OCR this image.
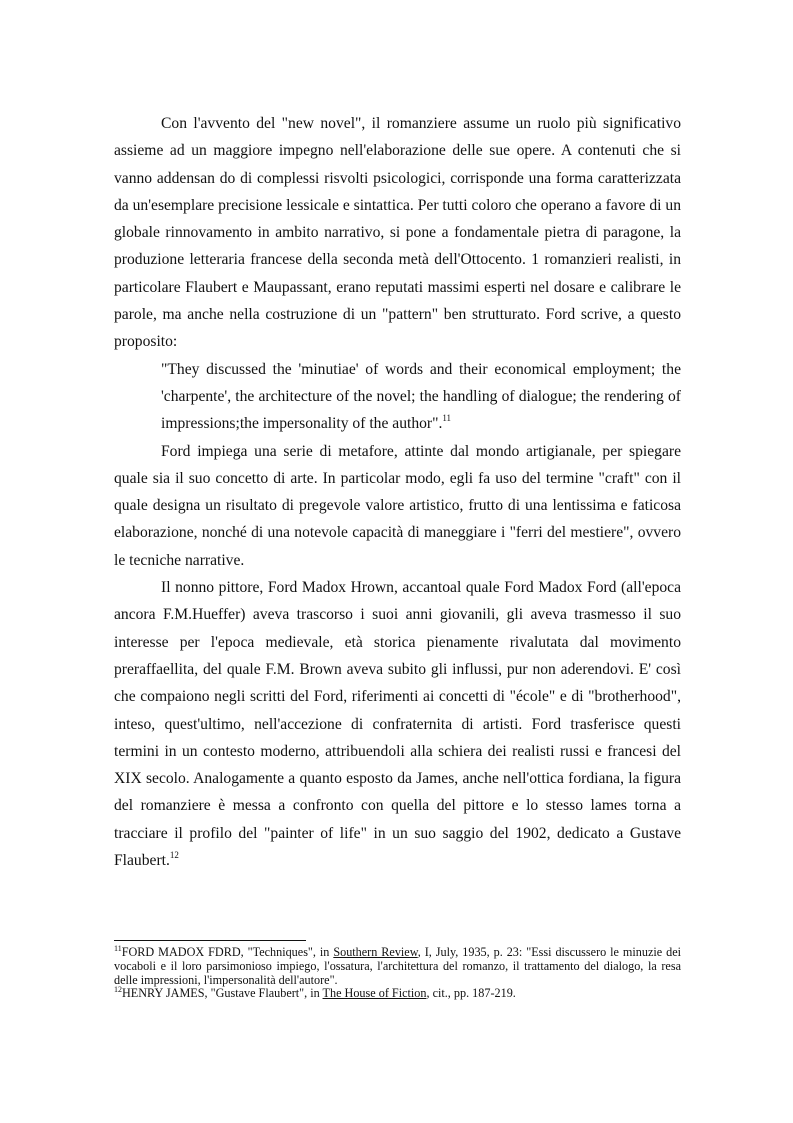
Con l'avvento del "new novel", il romanziere assume un ruolo più significativo assieme ad un maggiore impegno nell'elaborazione delle sue opere. A contenuti che si vanno addensan do di complessi risvolti psicologici, corrisponde una forma caratterizzata da un'esemplare precisione lessicale e sintattica. Per tutti coloro che operano a favore di un globale rinnovamento in ambito narrativo, si pone a fondamentale pietra di paragone, la produzione letteraria francese della seconda metà dell'Ottocento. 1 romanzieri realisti, in particolare Flaubert e Maupassant, erano reputati massimi esperti nel dosare e calibrare le parole, ma anche nella costruzione di un "pattern" ben strutturato. Ford scrive, a questo proposito:

"They discussed the 'minutiae' of words and their economical employment; the 'charpente', the architecture of the novel; the handling of dialogue; the rendering of impressions;the impersonality of the author".$^{11}$

Ford impiega una serie di metafore, attinte dal mondo artigianale, per spiegare quale sia il suo concetto di arte. In particolar modo, egli fa uso del termine "craft" con il quale designa un risultato di pregevole valore artistico, frutto di una lentissima e faticosa elaborazione, nonché di una notevole capacità di maneggiare i "ferri del mestiere", ovvero le tecniche narrative.

Il nonno pittore, Ford Madox Hrown, accantoal quale Ford Madox Ford (all'epoca ancora F.M.Hueffer) aveva trascorso i suoi anni giovanili, gli aveva trasmesso il suo interesse per l'epoca medievale, età storica pienamente rivalutata dal movimento preraffaellita, del quale F.M. Brown aveva subito gli influssi, pur non aderendovi. E' così che compaiono negli scritti del Ford, riferimenti ai concetti di "école" e di "brotherhood", inteso, quest'ultimo, nell'accezione di confraternita di artisti. Ford trasferisce questi termini in un contesto moderno, attribuendoli alla schiera dei realisti russi e francesi del XIX secolo. Analogamente a quanto esposto da James, anche nell'ottica fordiana, la figura del romanziere è messa a confronto con quella del pittore e lo stesso lames torna a tracciare il profilo del "painter of life" in un suo saggio del 1902, dedicato a Gustave Flaubert.$^{12}$

$^{11}$FORD MADOX FDRD, "Techniques", in Southern Review, I, July, 1935, p. 23: "Essi discussero le minuzie dei vocaboli e il loro parsimonioso impiego, l'ossatura, l'architettura del romanzo, il trattamento del dialogo, la resa delle impressioni, l'impersonalità dell'autore".

$^{12}$HENRY JAMES, "Gustave Flaubert", in The House of Fiction, cit., pp. 187-219.
